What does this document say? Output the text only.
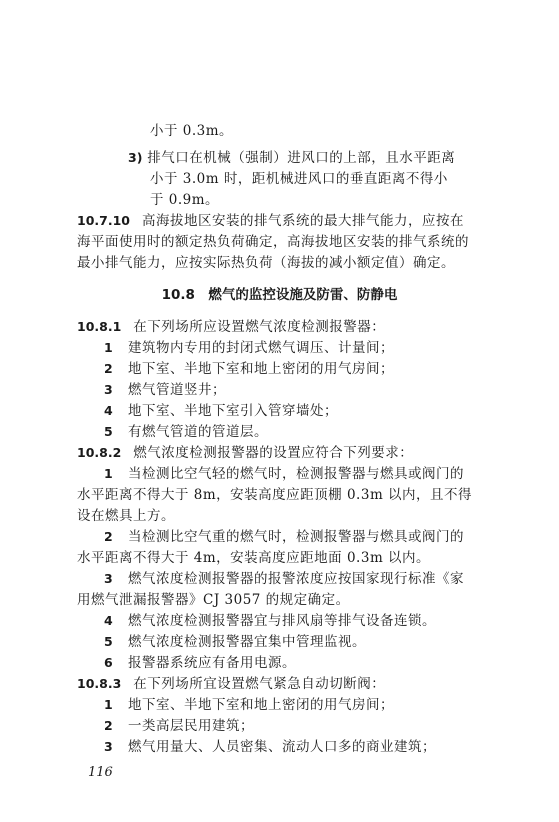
小于 0.3m。
3) 排气口在机械（强制）进风口的上部，且水平距离
小于 3.0m 时，距机械进风口的垂直距离不得小
于 0.9m。
10.7.10 高海拔地区安装的排气系统的最大排气能力，应按在
海平面使用时的额定热负荷确定，高海拔地区安装的排气系统的
最小排气能力，应按实际热负荷（海拔的减小额定值）确定。
10.8　燃气的监控设施及防雷、防静电
10.8.1 在下列场所应设置燃气浓度检测报警器：
1 建筑物内专用的封闭式燃气调压、计量间；
2 地下室、半地下室和地上密闭的用气房间；
3 燃气管道竖井；
4 地下室、半地下室引入管穿墙处；
5 有燃气管道的管道层。
10.8.2 燃气浓度检测报警器的设置应符合下列要求：
1 当检测比空气轻的燃气时，检测报警器与燃具或阀门的
水平距离不得大于 8m，安装高度应距顶棚 0.3m 以内，且不得
设在燃具上方。
2 当检测比空气重的燃气时，检测报警器与燃具或阀门的
水平距离不得大于 4m，安装高度应距地面 0.3m 以内。
3 燃气浓度检测报警器的报警浓度应按国家现行标准《家
用燃气泄漏报警器》CJ 3057 的规定确定。
4 燃气浓度检测报警器宜与排风扇等排气设备连锁。
5 燃气浓度检测报警器宜集中管理监视。
6 报警器系统应有备用电源。
10.8.3 在下列场所宜设置燃气紧急自动切断阀：
1 地下室、半地下室和地上密闭的用气房间；
2 一类高层民用建筑；
3 燃气用量大、人员密集、流动人口多的商业建筑；
116
